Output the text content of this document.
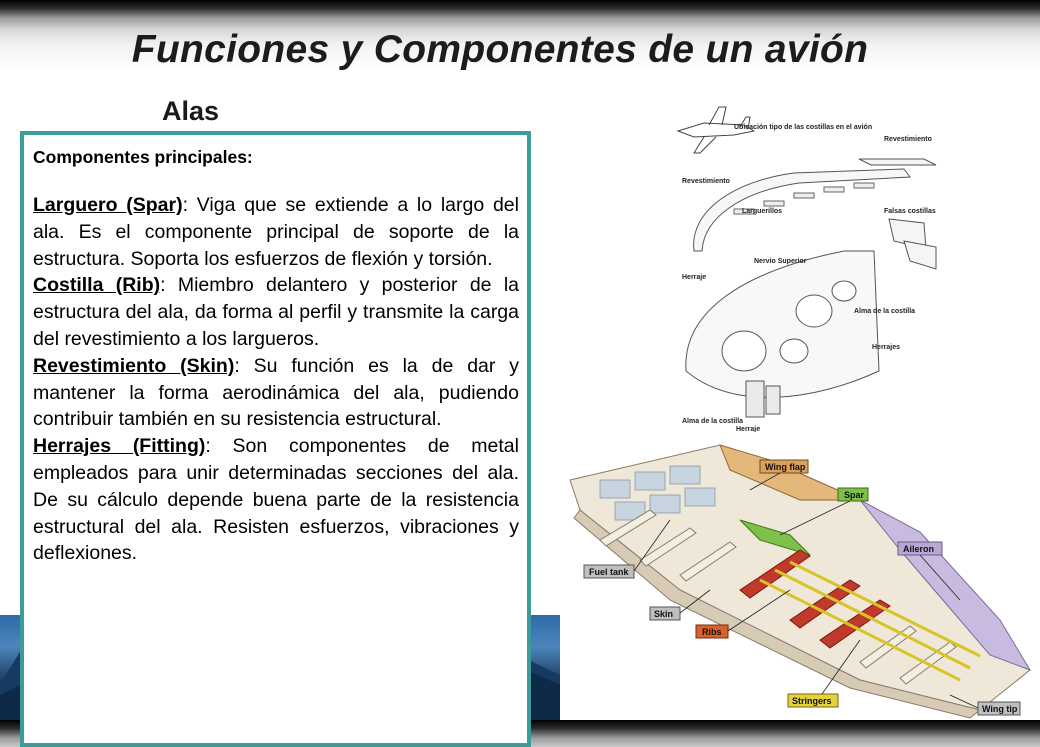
Funciones y Componentes de un avión
Alas
Componentes principales:

Larguero (Spar): Viga que se extiende a lo largo del ala. Es el componente principal de soporte de la estructura. Soporta los esfuerzos de flexión y torsión.

Costilla (Rib): Miembro delantero y posterior de la estructura del ala, da forma al perfil y transmite la carga del revestimiento a los largueros.

Revestimiento (Skin): Su función es la de dar y mantener la forma aerodinámica del ala, pudiendo contribuir también en su resistencia estructural.

Herrajes (Fitting): Son componentes de metal empleados para unir determinadas secciones del ala. De su cálculo depende buena parte de la resistencia estructural del ala. Resisten esfuerzos, vibraciones y deflexiones.

Ubicación tipo de las costillas en el avión
Revestimiento
Revestimiento
Largueríllos	Falsas costillas
Nervio Superior
Herraje
Alma de la costilla
Herrajes
Alma de la costilla
Herraje
Wing flap
Spar
Aileron
Fuel tank
Skin
Ribs
Stringers
Wing tip
